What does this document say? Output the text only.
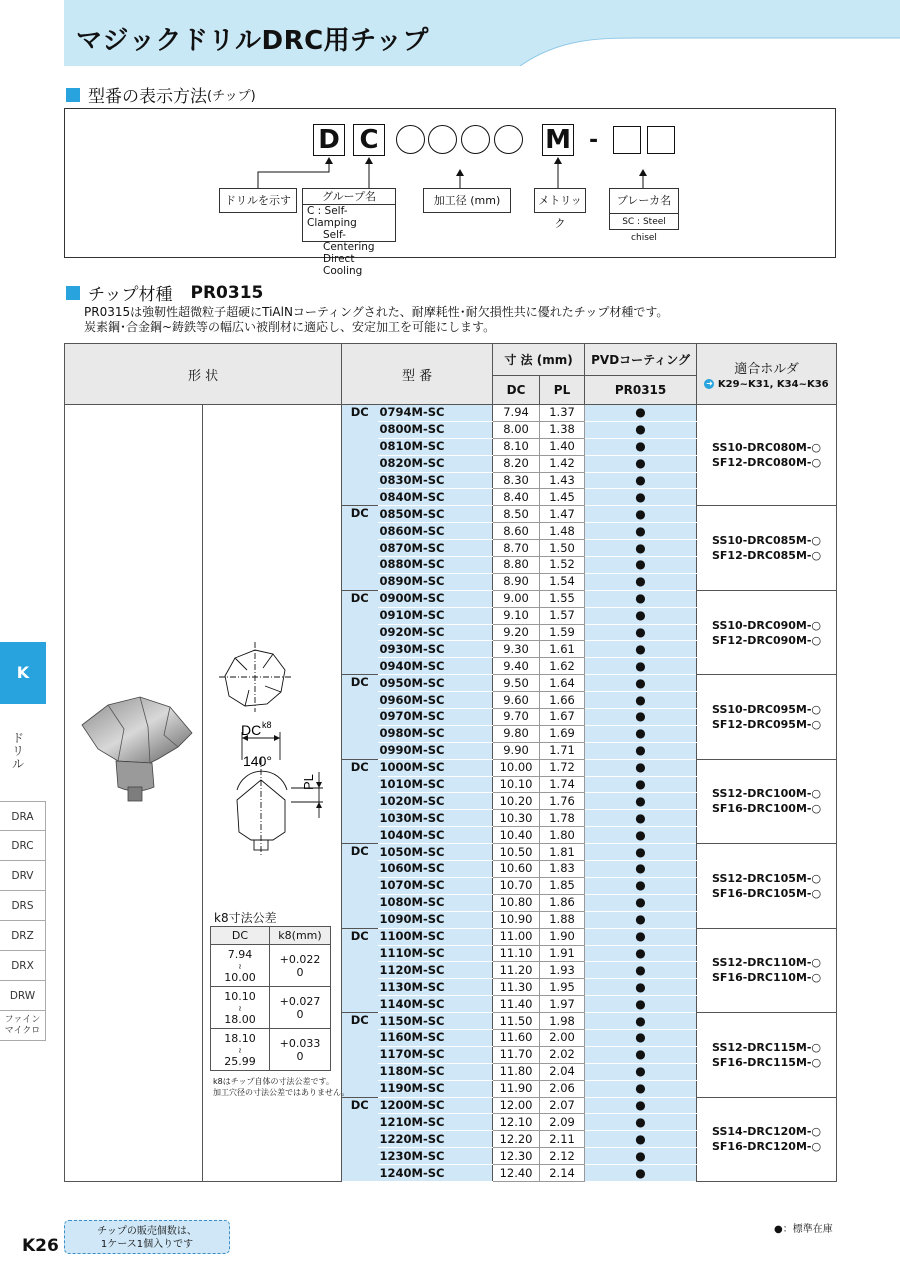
マジックドリルDRC用チップ
型番の表示方法 (チップ)
D C	M -
ドリルを示す	グループ名
C : Self-Clamping
Self-Centering
Direct Cooling
加工径 (mm)	メトリック
ブレーカ名
SC : Steel chisel
チップ材種 PR0315
PR0315は強靭性超微粒子超硬にTiAlNコーティングされた、耐摩耗性･耐欠損性共に優れたチップ材種です。
炭素鋼･合金鋼~鋳鉄等の幅広い被削材に適応し、安定加工を可能にします。
形 状		型 番		寸 法 (mm)		PVDコーティング	適合ホルダ
➜ K29~K31, K34~K36

				DC	PL	PR0315	
		DC	0794M-SC	7.94	1.37	●	SS10-DRC080M-○
SF12-DRC080M-○

			0800M-SC	8.00	1.38	●	
			0810M-SC	8.10	1.40	●	
			0820M-SC	8.20	1.42	●	
			0830M-SC	8.30	1.43	●	
			0840M-SC	8.40	1.45	●	
		DC	0850M-SC	8.50	1.47	●	SS10-DRC085M-○
SF12-DRC085M-○

			0860M-SC	8.60	1.48	●	
			0870M-SC	8.70	1.50	●	
			0880M-SC	8.80	1.52	●	
			0890M-SC	8.90	1.54	●	
		DC	0900M-SC	9.00	1.55	●	SS10-DRC090M-○
SF12-DRC090M-○

			0910M-SC	9.10	1.57	●	
			0920M-SC	9.20	1.59	●	
			0930M-SC	9.30	1.61	●	
			0940M-SC	9.40	1.62	●	
		DC	0950M-SC	9.50	1.64	●	SS10-DRC095M-○
SF12-DRC095M-○

			0960M-SC	9.60	1.66	●	
			0970M-SC	9.70	1.67	●	
			0980M-SC	9.80	1.69	●	
			0990M-SC	9.90	1.71	●	
		DC	1000M-SC	10.00	1.72	●	SS12-DRC100M-○
SF16-DRC100M-○

			1010M-SC	10.10	1.74	●	
			1020M-SC	10.20	1.76	●	
			1030M-SC	10.30	1.78	●	
			1040M-SC	10.40	1.80	●	
		DC	1050M-SC	10.50	1.81	●	SS12-DRC105M-○
SF16-DRC105M-○

			1060M-SC	10.60	1.83	●	
			1070M-SC	10.70	1.85	●	
			1080M-SC	10.80	1.86	●	
			1090M-SC	10.90	1.88	●	
		DC	1100M-SC	11.00	1.90	●	SS12-DRC110M-○
SF16-DRC110M-○

			1110M-SC	11.10	1.91	●	
			1120M-SC	11.20	1.93	●	
			1130M-SC	11.30	1.95	●	
			1140M-SC	11.40	1.97	●	
		DC	1150M-SC	11.50	1.98	●	SS12-DRC115M-○
SF16-DRC115M-○

			1160M-SC	11.60	2.00	●	
			1170M-SC	11.70	2.02	●	
			1180M-SC	11.80	2.04	●	
			1190M-SC	11.90	2.06	●	
		DC	1200M-SC	12.00	2.07	●	SS14-DRC120M-○
SF16-DRC120M-○

			1210M-SC	12.10	2.09	●	
			1220M-SC	12.20	2.11	●	
			1230M-SC	12.30	2.12	●	
			1240M-SC	12.40	2.14	●	
DC k8
140°
PL
k8寸法公差
DC	k8(mm)
7.94
≀
10.00	+0.022
0
10.10
≀
18.00	+0.027
0
18.10
≀
25.99	+0.033
0
k8はチップ自体の寸法公差です。
加工穴径の寸法公差ではありません。
K
ドリル
DRA
DRC
DRV
DRS
DRZ
DRX
DRW
ファイン
マイクロ
K26
チップの販売個数は、
1ケース1個入りです
●：標準在庫
